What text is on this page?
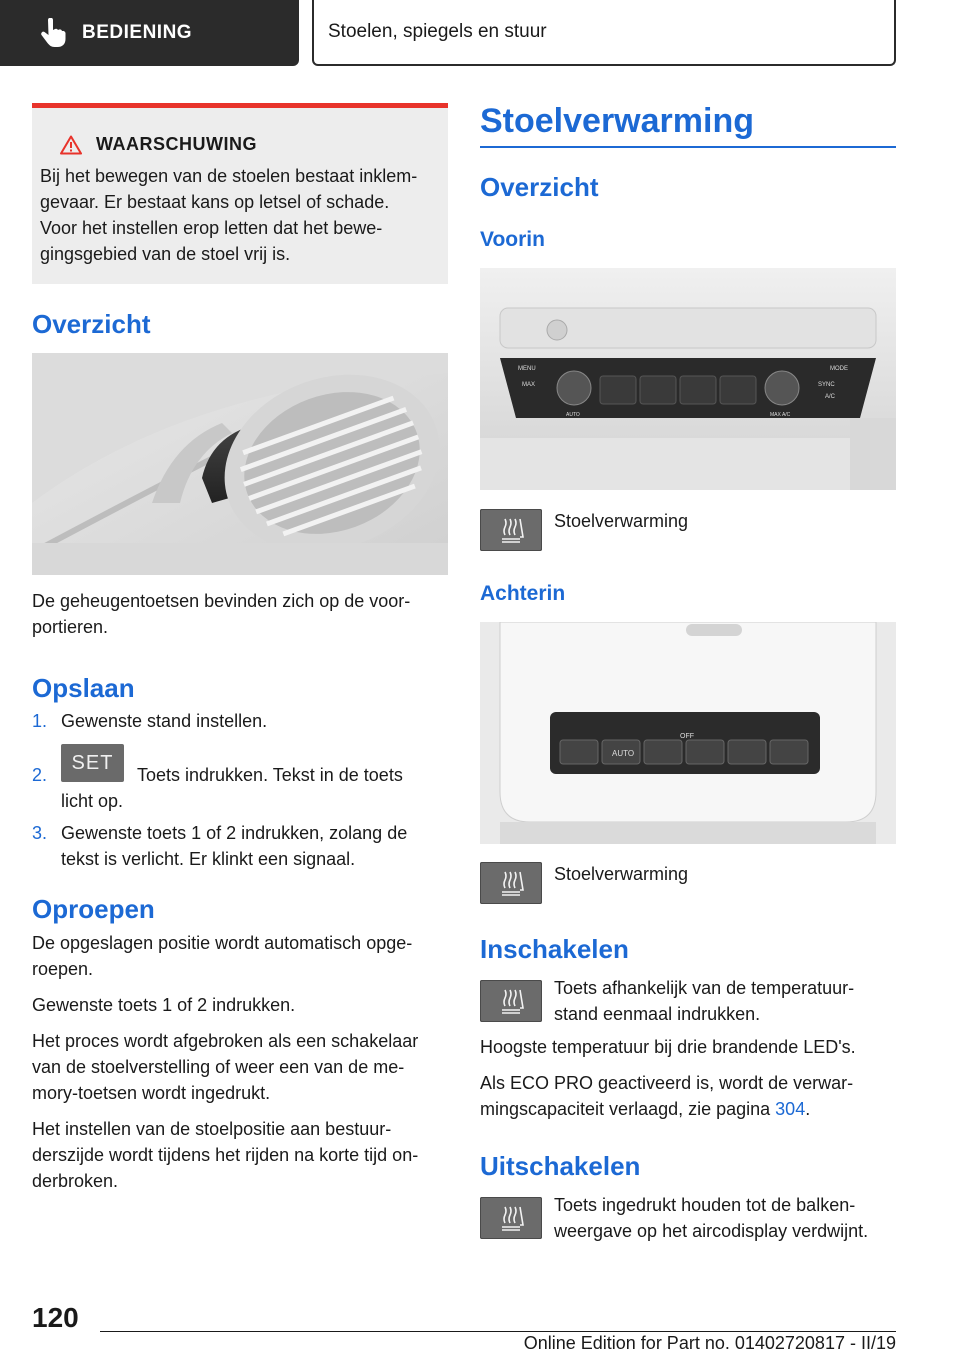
BEDIENING	Stoelen, spiegels en stuur
WAARSCHUWING
Bij het bewegen van de stoelen bestaat inklem-
gevaar. Er bestaat kans op letsel of schade.
Voor het instellen erop letten dat het bewe-
gingsgebied van de stoel vrij is.
Overzicht
De geheugentoetsen bevinden zich op de voor-
portieren.
Opslaan
1. Gewenste stand instellen.
2.	Toets indrukken. Tekst in de toets
licht op.
SET
3. Gewenste toets 1 of 2 indrukken, zolang de
tekst is verlicht. Er klinkt een signaal.
Oproepen

De opgeslagen positie wordt automatisch opge-
roepen.

Gewenste toets 1 of 2 indrukken.

Het proces wordt afgebroken als een schakelaar
van de stoelverstelling of weer een van de me-
mory-toetsen wordt ingedrukt.

Het instellen van de stoelpositie aan bestuur-
derszijde wordt tijdens het rijden na korte tijd on-
derbroken.

Stoelverwarming
Overzicht
Voorin
MENU
MAX
AUTO
MODE
SYNC
A/C
MAX A/C
Stoelverwarming
Achterin
AUTO
OFF
Stoelverwarming
Inschakelen
Toets afhankelijk van de temperatuur-
stand eenmaal indrukken.

Hoogste temperatuur bij drie brandende LED's.

Als ECO PRO geactiveerd is, wordt de verwar-
mingscapaciteit verlaagd, zie pagina 304.

Uitschakelen
Toets ingedrukt houden tot de balken-
weergave op het aircodisplay verdwijnt.
120
Online Edition for Part no. 01402720817 - II/19
